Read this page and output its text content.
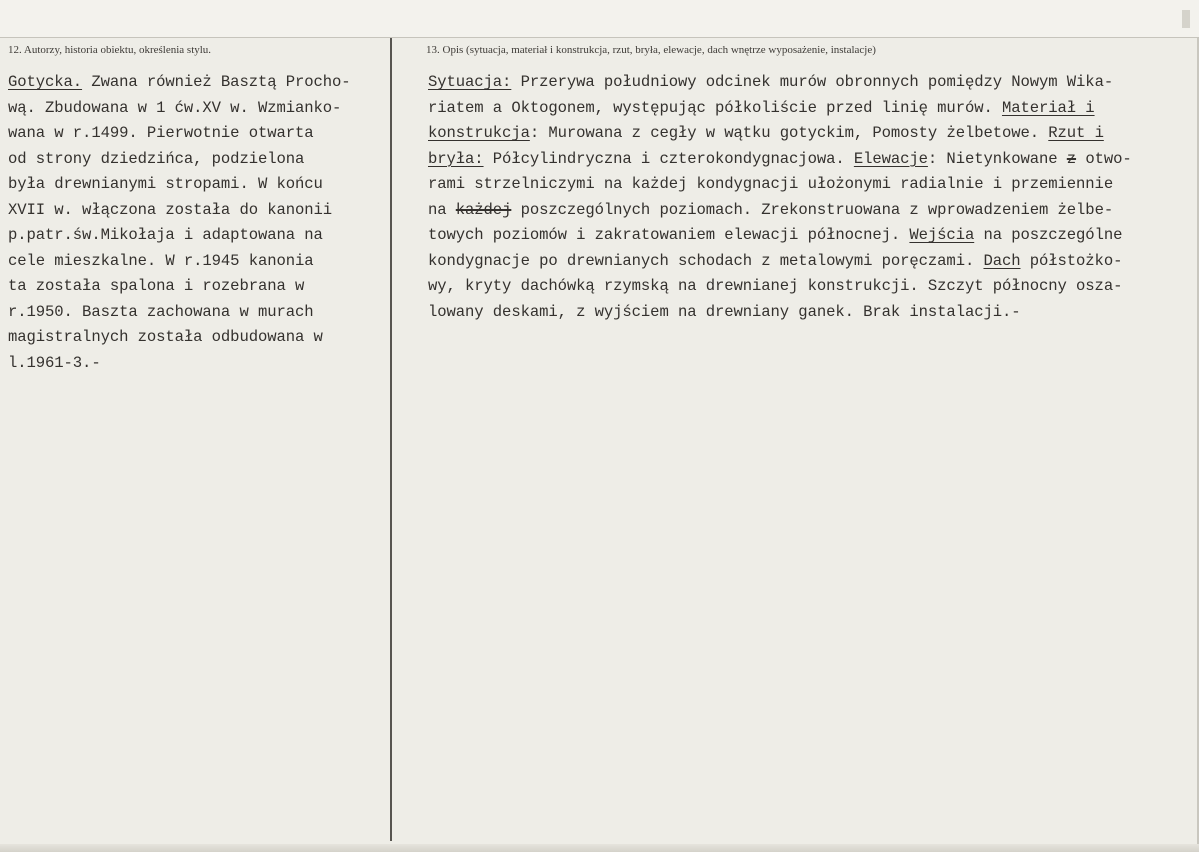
12. Autorzy, historia obiektu, określenia stylu.	13. Opis (sytuacja, materiał i konstrukcja, rzut, bryła, elewacje, dach wnętrze wyposażenie, instalacje)
Gotycka. Zwana również Basztą Procho-
wą. Zbudowana w 1 ćw.XV w. Wzmianko-
wana w r.1499. Pierwotnie otwarta
od strony dziedzińca, podzielona
była drewnianymi stropami. W końcu
XVII w. włączona została do kanonii
p.patr.św.Mikołaja i adaptowana na
cele mieszkalne. W r.1945 kanonia
ta została spalona i rozebrana w
r.1950. Baszta zachowana w murach
magistralnych została odbudowana w
l.1961-3.-
Sytuacja: Przerywa południowy odcinek murów obronnych pomiędzy Nowym Wika-
riatem a Oktogonem, występując półkoliście przed linię murów. Materiał i
konstrukcja: Murowana z cegły w wątku gotyckim, Pomosty żelbetowe. Rzut i
bryła: Półcylindryczna i czterokondygnacjowa. Elewacje: Nietynkowane z otwo-
rami strzelniczymi na każdej kondygnacji ułożonymi radialnie i przemiennie
na każdej poszczególnych poziomach. Zrekonstruowana z wprowadzeniem żelbe-
towych poziomów i zakratowaniem elewacji północnej. Wejścia na poszczególne
kondygnacje po drewnianych schodach z metalowymi poręczami. Dach półstożko-
wy, kryty dachówką rzymską na drewnianej konstrukcji. Szczyt północny osza-
lowany deskami, z wyjściem na drewniany ganek. Brak instalacji.-
